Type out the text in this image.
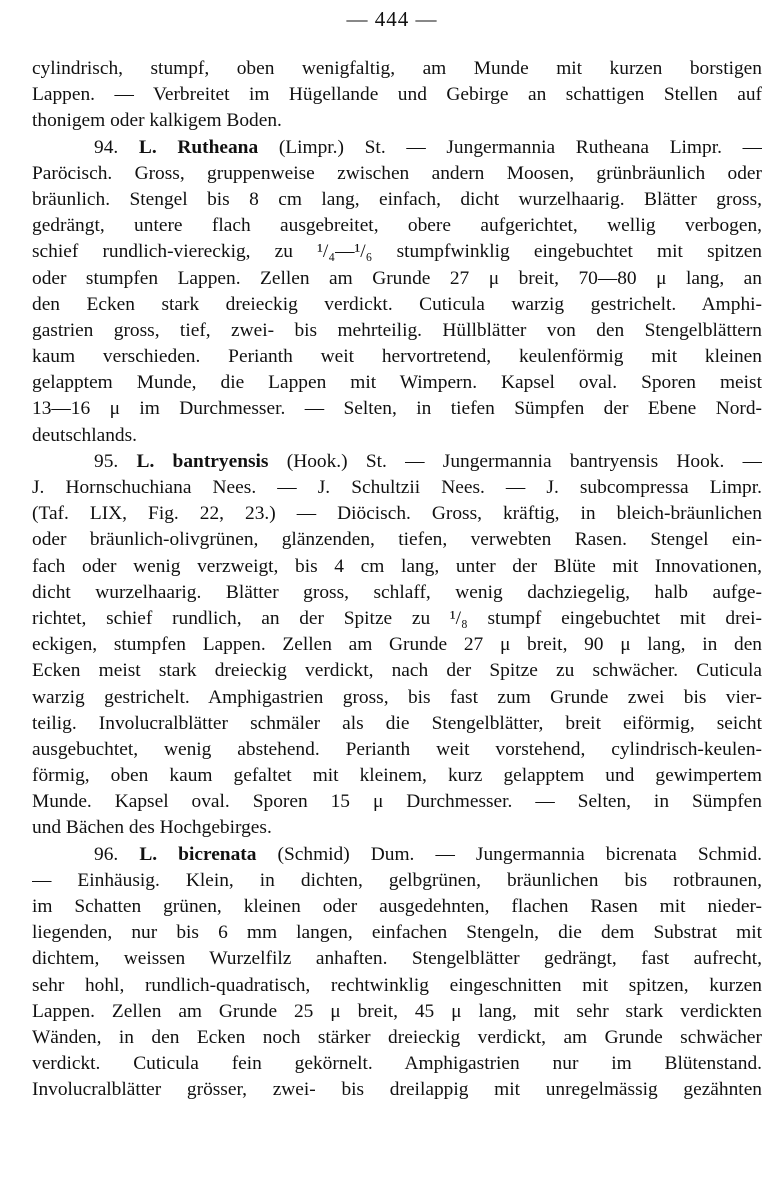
— 444 —
cylindrisch, stumpf, oben wenigfaltig, am Munde mit kurzen borstigen
Lappen. — Verbreitet im Hügellande und Gebirge an schattigen Stellen auf
thonigem oder kalkigem Boden.
94. L. Rutheana (Limpr.) St. — Jungermannia Rutheana Limpr. —
Paröcisch. Gross, gruppenweise zwischen andern Moosen, grünbräunlich oder
bräunlich. Stengel bis 8 cm lang, einfach, dicht wurzelhaarig. Blätter gross,
gedrängt, untere flach ausgebreitet, obere aufgerichtet, wellig verbogen,
schief rundlich-viereckig, zu ¹/₄—¹/₆ stumpfwinklig eingebuchtet mit spitzen
oder stumpfen Lappen. Zellen am Grunde 27 μ breit, 70—80 μ lang, an
den Ecken stark dreieckig verdickt. Cuticula warzig gestrichelt. Amphi-
gastrien gross, tief, zwei- bis mehrteilig. Hüllblätter von den Stengelblättern
kaum verschieden. Perianth weit hervortretend, keulenförmig mit kleinen
gelapptem Munde, die Lappen mit Wimpern. Kapsel oval. Sporen meist
13—16 μ im Durchmesser. — Selten, in tiefen Sümpfen der Ebene Nord-
deutschlands.
95. L. bantryensis (Hook.) St. — Jungermannia bantryensis Hook. —
J. Hornschuchiana Nees. — J. Schultzii Nees. — J. subcompressa Limpr.
(Taf. LIX, Fig. 22, 23.) — Diöcisch. Gross, kräftig, in bleich-bräunlichen
oder bräunlich-olivgrünen, glänzenden, tiefen, verwebten Rasen. Stengel ein-
fach oder wenig verzweigt, bis 4 cm lang, unter der Blüte mit Innovationen,
dicht wurzelhaarig. Blätter gross, schlaff, wenig dachziegelig, halb aufge-
richtet, schief rundlich, an der Spitze zu ¹/₈ stumpf eingebuchtet mit drei-
eckigen, stumpfen Lappen. Zellen am Grunde 27 μ breit, 90 μ lang, in den
Ecken meist stark dreieckig verdickt, nach der Spitze zu schwächer. Cuticula
warzig gestrichelt. Amphigastrien gross, bis fast zum Grunde zwei bis vier-
teilig. Involucralblätter schmäler als die Stengelblätter, breit eiförmig, seicht
ausgebuchtet, wenig abstehend. Perianth weit vorstehend, cylindrisch-keulen-
förmig, oben kaum gefaltet mit kleinem, kurz gelapptem und gewimpertem
Munde. Kapsel oval. Sporen 15 μ Durchmesser. — Selten, in Sümpfen
und Bächen des Hochgebirges.
96. L. bicrenata (Schmid) Dum. — Jungermannia bicrenata Schmid.
— Einhäusig. Klein, in dichten, gelbgrünen, bräunlichen bis rotbraunen,
im Schatten grünen, kleinen oder ausgedehnten, flachen Rasen mit nieder-
liegenden, nur bis 6 mm langen, einfachen Stengeln, die dem Substrat mit
dichtem, weissen Wurzelfilz anhaften. Stengelblätter gedrängt, fast aufrecht,
sehr hohl, rundlich-quadratisch, rechtwinklig eingeschnitten mit spitzen, kurzen
Lappen. Zellen am Grunde 25 μ breit, 45 μ lang, mit sehr stark verdickten
Wänden, in den Ecken noch stärker dreieckig verdickt, am Grunde schwächer
verdickt. Cuticula fein gekörnelt. Amphigastrien nur im Blütenstand.
Involucralblätter grösser, zwei- bis dreilappig mit unregelmässig gezähnten
